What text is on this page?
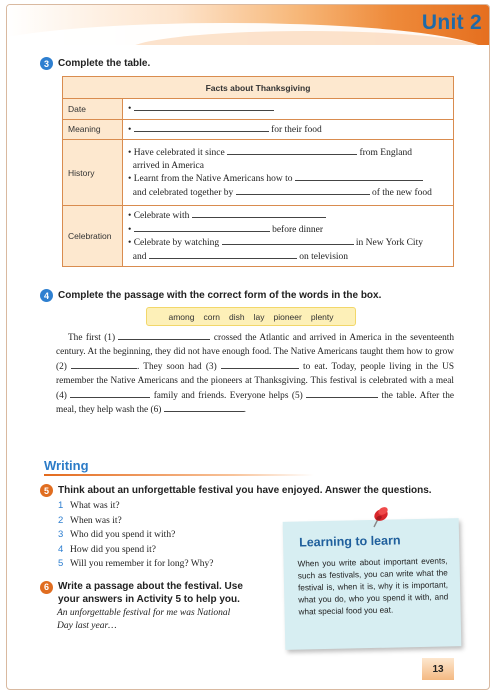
Unit 2
3 Complete the table.
Facts about Thanksgiving	
Date	•
Meaning	• for their food
History	• Have celebrated it since from England
arrived in America
• Learnt from the Native Americans how to
and celebrated together by of the new food
Celebration	• Celebrate with
• before dinner
• Celebrate by watching in New York City
and on television
4 Complete the passage with the correct form of the words in the box.
among corn dish lay pioneer plenty

The first (1)	crossed the Atlantic and arrived in America in the seventeenth century. At the beginning, they did not have enough food. The Native Americans taught them how to grow (2)	. They soon had (3)	to eat. Today, people living in the US remember the Native Americans and the pioneers at Thanksgiving. This festival is celebrated with a meal (4)	family and friends. Everyone helps (5)	the table. After the meal, they help wash the (6)	.

Writing
5 Think about an unforgettable festival you have enjoyed. Answer the questions.
1 What was it?
2 When was it?
3 Who did you spend it with?
4 How did you spend it?
5 Will you remember it for long? Why?
6 Write a passage about the festival. Use
your answers in Activity 5 to help you.
An unforgettable festival for me was National
Day last year…
Learning to learn
When you write about important events, such as festivals, you can write what the festival is, when it is, why it is important, what you do, who you spend it with, and what special food you eat.
13
